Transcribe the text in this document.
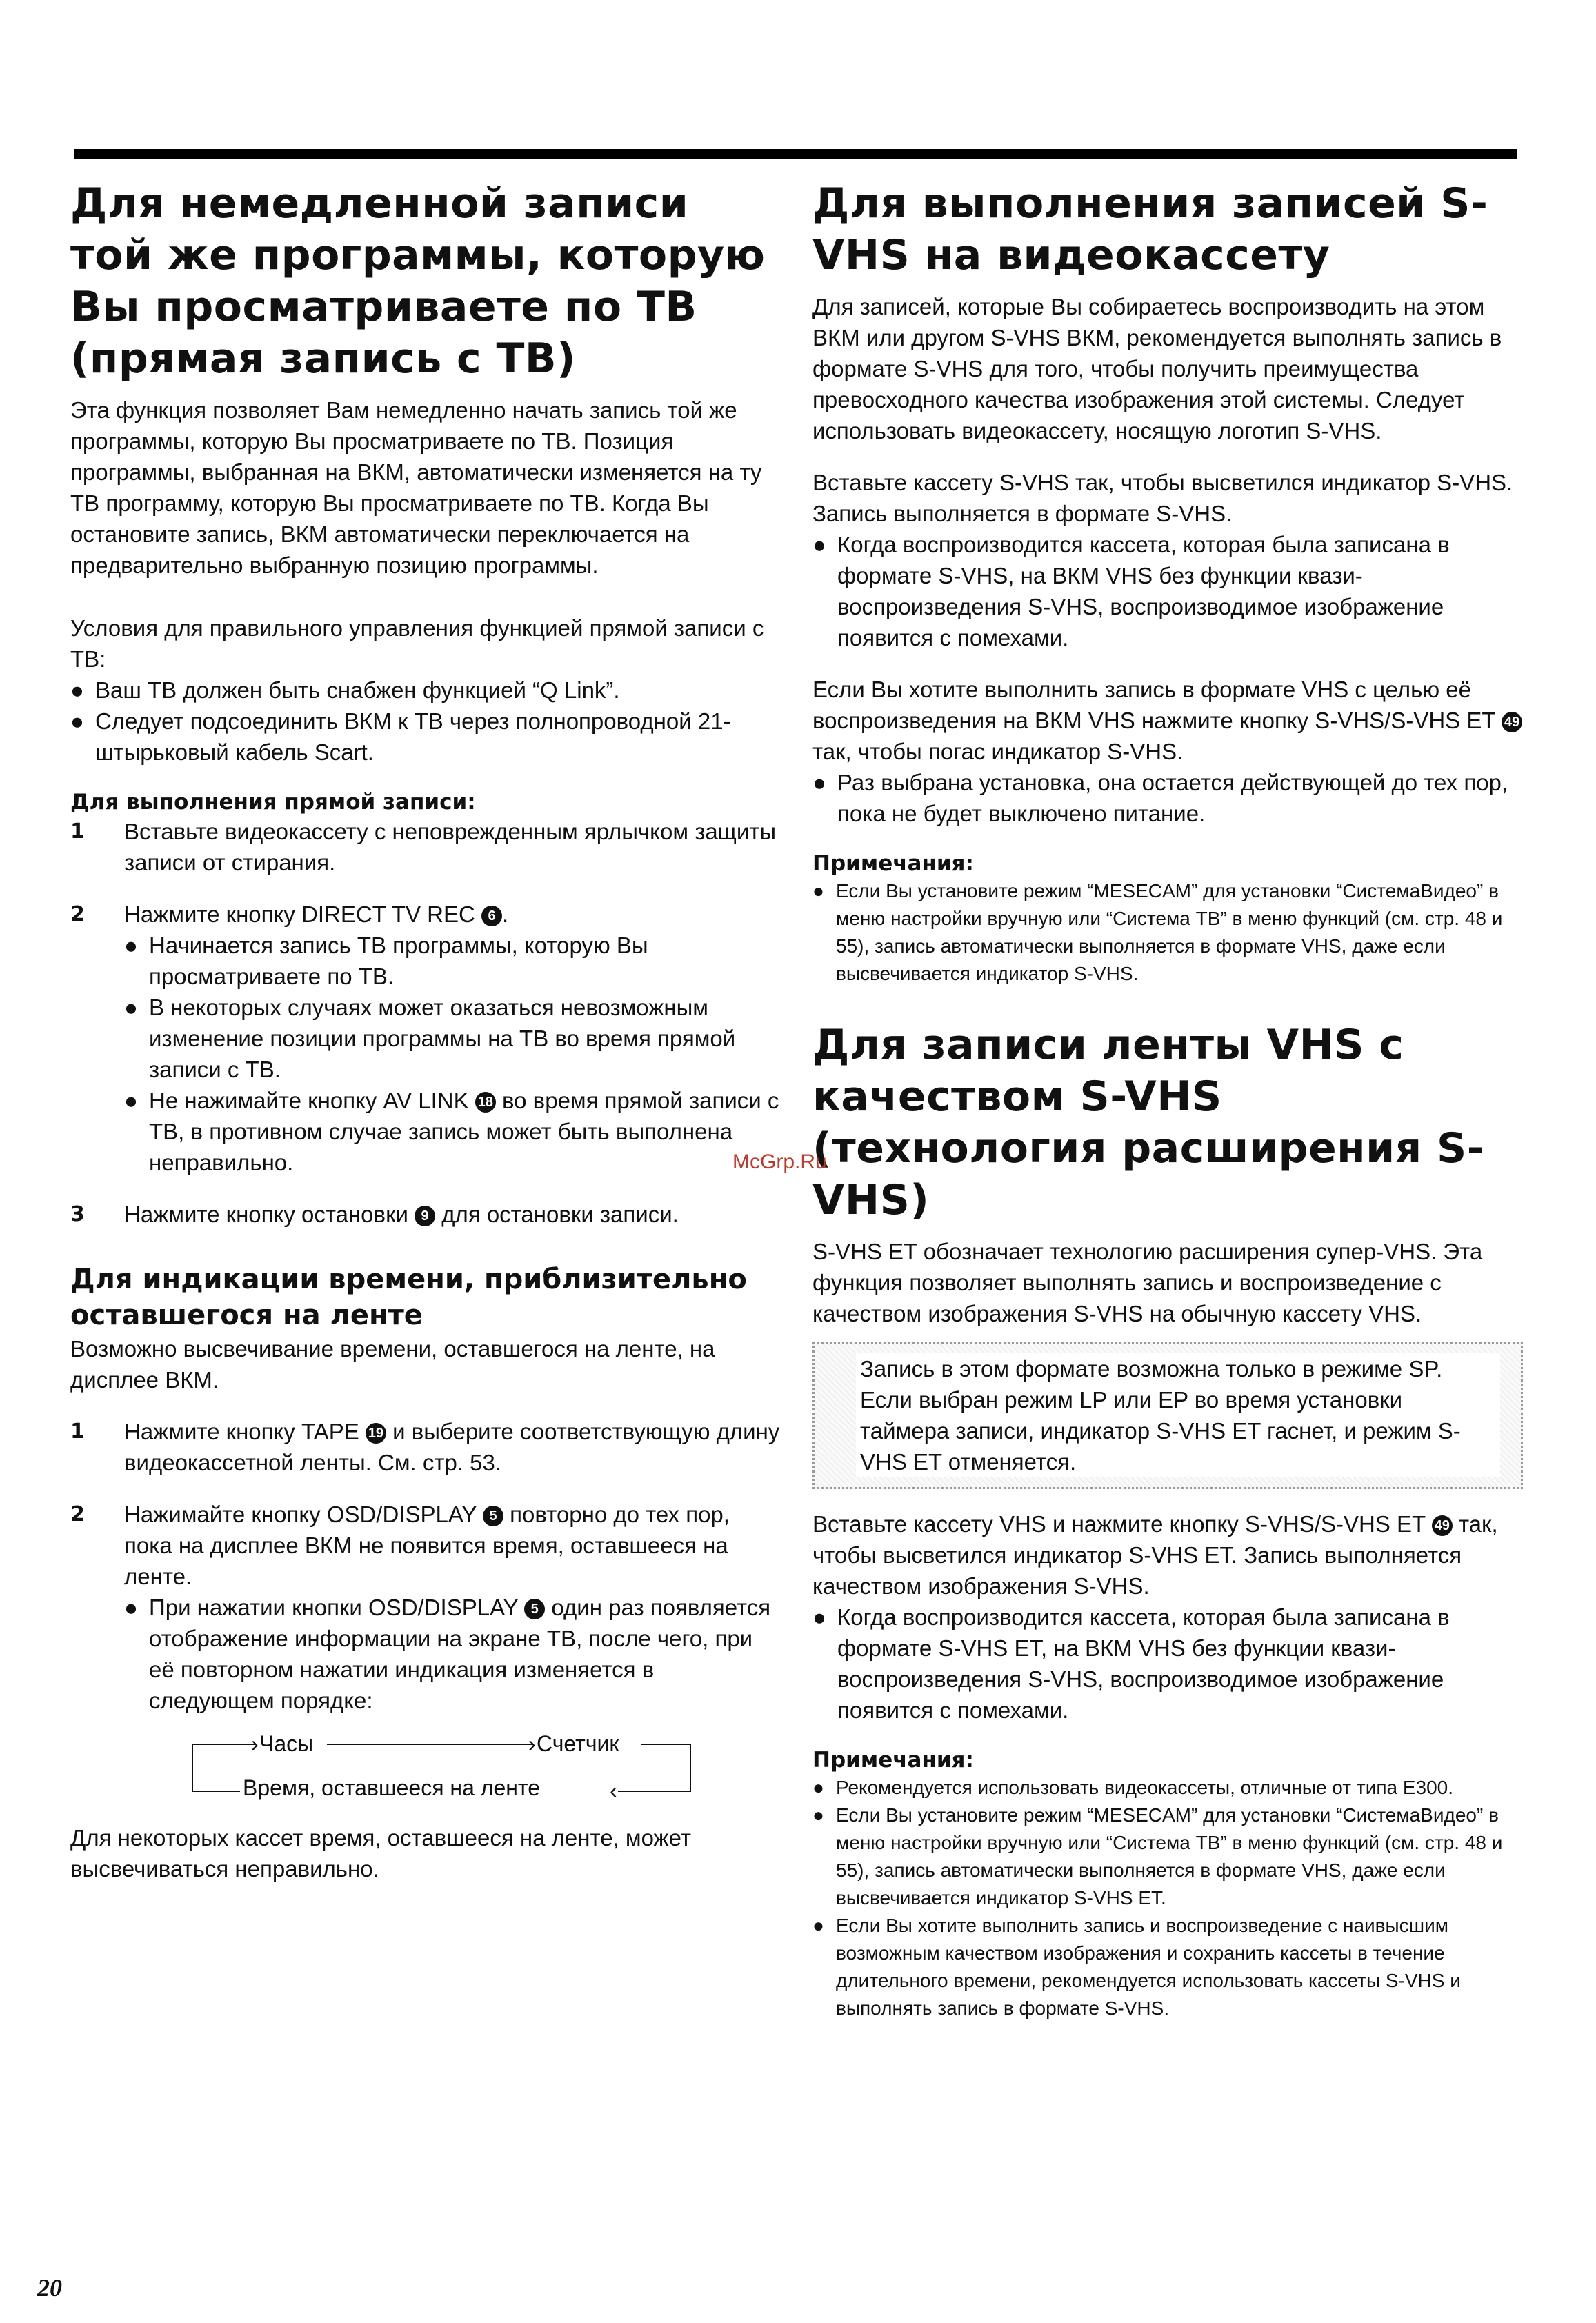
Для немедленной записи той же программы, которую Вы просматриваете по ТВ (прямая запись с ТВ)

Эта функция позволяет Вам немедленно начать запись той же программы, которую Вы просматриваете по ТВ. Позиция программы, выбранная на ВКМ, автоматически изменяется на ту ТВ программу, которую Вы просматриваете по ТВ. Когда Вы остановите запись, ВКМ автоматически переключается на предварительно выбранную позицию программы.

Условия для правильного управления функцией прямой записи с ТВ:

● Ваш ТВ должен быть снабжен функцией “Q Link”.
● Следует подсоединить ВКМ к ТВ через полнопроводной 21-штырьковый кабель Scart.
Для выполнения прямой записи:
1	Вставьте видеокассету с неповрежденным ярлычком защиты записи от стирания.
2	Нажмите кнопку DIRECT TV REC 6 .
● Начинается запись ТВ программы, которую Вы просматриваете по ТВ.
● В некоторых случаях может оказаться невозможным изменение позиции программы на ТВ во время прямой записи с ТВ.
● Не нажимайте кнопку AV LINK 18 во время прямой записи с ТВ, в противном случае запись может быть выполнена неправильно.
3	Нажмите кнопку остановки 9 для остановки записи.
Для индикации времени, приблизительно оставшегося на ленте

Возможно высвечивание времени, оставшегося на ленте, на дисплее ВКМ.

1	Нажмите кнопку TAPE 19 и выберите соответствующую длину видеокассетной ленты. См. стр. 53.
2	Нажимайте кнопку OSD/DISPLAY 5 повторно до тех пор, пока на дисплее ВКМ не появится время, оставшееся на ленте.
● При нажатии кнопки OSD/DISPLAY 5 один раз появляется отображение информации на экране ТВ, после чего, при её повторном нажатии индикация изменяется в следующем порядке:
› Часы	› Счетчик
Время, оставшееся на ленте	‹

Для некоторых кассет время, оставшееся на ленте, может высвечиваться неправильно.

Для выполнения записей S-VHS на видеокассету

Для записей, которые Вы собираетесь воспроизводить на этом ВКМ или другом S-VHS ВКМ, рекомендуется выполнять запись в формате S-VHS для того, чтобы получить преимущества превосходного качества изображения этой системы. Следует использовать видеокассету, носящую логотип S-VHS.

Вставьте кассету S-VHS так, чтобы высветился индикатор S-VHS. Запись выполняется в формате S-VHS.

● Когда воспроизводится кассета, которая была записана в формате S-VHS, на ВКМ VHS без функции квази-воспроизведения S-VHS, воспроизводимое изображение появится с помехами.

Если Вы хотите выполнить запись в формате VHS с целью её воспроизведения на ВКМ VHS нажмите кнопку S-VHS/S-VHS ET 49 так, чтобы погас индикатор S-VHS.

● Раз выбрана установка, она остается действующей до тех пор, пока не будет выключено питание.
Примечания:
● Если Вы установите режим “MESECAM” для установки “СистемаВидео” в меню настройки вручную или “Система ТВ” в меню функций (см. стр. 48 и 55), запись автоматически выполняется в формате VHS, даже если высвечивается индикатор S-VHS.
Для записи ленты VHS с качеством S-VHS (технология расширения S-VHS)

S-VHS ET обозначает технологию расширения супер-VHS. Эта функция позволяет выполнять запись и воспроизведение с качеством изображения S-VHS на обычную кассету VHS.

Запись в этом формате возможна только в режиме SP.

Если выбран режим LP или EP во время установки таймера записи, индикатор S-VHS ET гаснет, и режим S-VHS ET отменяется.

Вставьте кассету VHS и нажмите кнопку S-VHS/S-VHS ET 49 так, чтобы высветился индикатор S-VHS ET. Запись выполняется качеством изображения S-VHS.

● Когда воспроизводится кассета, которая была записана в формате S-VHS ET, на ВКМ VHS без функции квази-воспроизведения S-VHS, воспроизводимое изображение появится с помехами.
Примечания:
● Рекомендуется использовать видеокассеты, отличные от типа E300.
● Если Вы установите режим “MESECAM” для установки “СистемаВидео” в меню настройки вручную или “Система ТВ” в меню функций (см. стр. 48 и 55), запись автоматически выполняется в формате VHS, даже если высвечивается индикатор S-VHS ET.
● Если Вы хотите выполнить запись и воспроизведение с наивысшим возможным качеством изображения и сохранить кассеты в течение длительного времени, рекомендуется использовать кассеты S-VHS и выполнять запись в формате S-VHS.
McGrp.Ru
20
